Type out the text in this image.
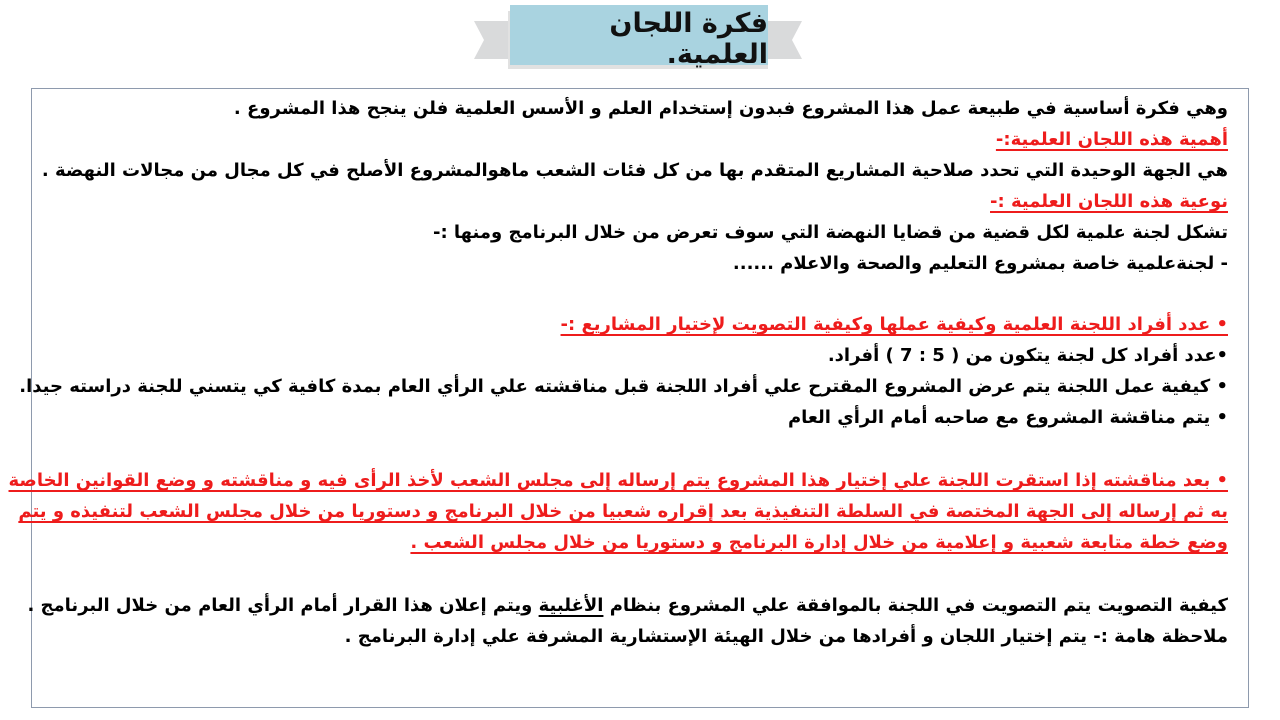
فكرة اللجان العلمية.
وهي فكرة أساسية في طبيعة عمل هذا المشروع فبدون إستخدام العلم و الأسس العلمية فلن ينجح هذا المشروع .
أهمية هذه اللجان العلمية:-
هي الجهة الوحيدة التي تحدد صلاحية المشاريع المتقدم بها من كل فئات الشعب ماهوالمشروع الأصلح في كل مجال من مجالات النهضة .
نوعية هذه اللجان العلمية :-
تشكل لجنة علمية لكل قضية من قضايا النهضة التي سوف تعرض من خلال البرنامج ومنها :-
- لجنةعلمية خاصة بمشروع التعليم والصحة والاعلام ......
• عدد أفراد اللجنة العلمية وكيفية عملها وكيفية التصويت لإختيار المشاريع :-
•عدد أفراد كل لجنة يتكون من ( 5 : 7 ) أفراد.
• كيفية عمل اللجنة يتم عرض المشروع المقترح علي أفراد اللجنة قبل مناقشته علي الرأي العام بمدة كافية كي يتسني للجنة دراسته جيدا.
• يتم مناقشة المشروع مع صاحبه أمام الرأي العام
• بعد مناقشته إذا استقرت اللجنة علي إختيار هذا المشروع يتم إرساله إلى مجلس الشعب لأخذ الرأى فيه و مناقشته و وضع القوانين الخاصة
به ثم إرساله إلى الجهة المختصة في السلطة التنفيذية بعد إقراره شعبيا من خلال البرنامج و دستوريا من خلال مجلس الشعب لتنفيذه و يتم
وضع خطة متابعة شعبية و إعلامية من خلال إدارة البرنامج و دستوريا من خلال مجلس الشعب .
كيفية التصويت يتم التصويت في اللجنة بالموافقة علي المشروع بنظام الأغلبية ويتم إعلان هذا القرار أمام الرأي العام من خلال البرنامج .
ملاحظة هامة :- يتم إختيار اللجان و أفرادها من خلال الهيئة الإستشارية المشرفة علي إدارة البرنامج .
